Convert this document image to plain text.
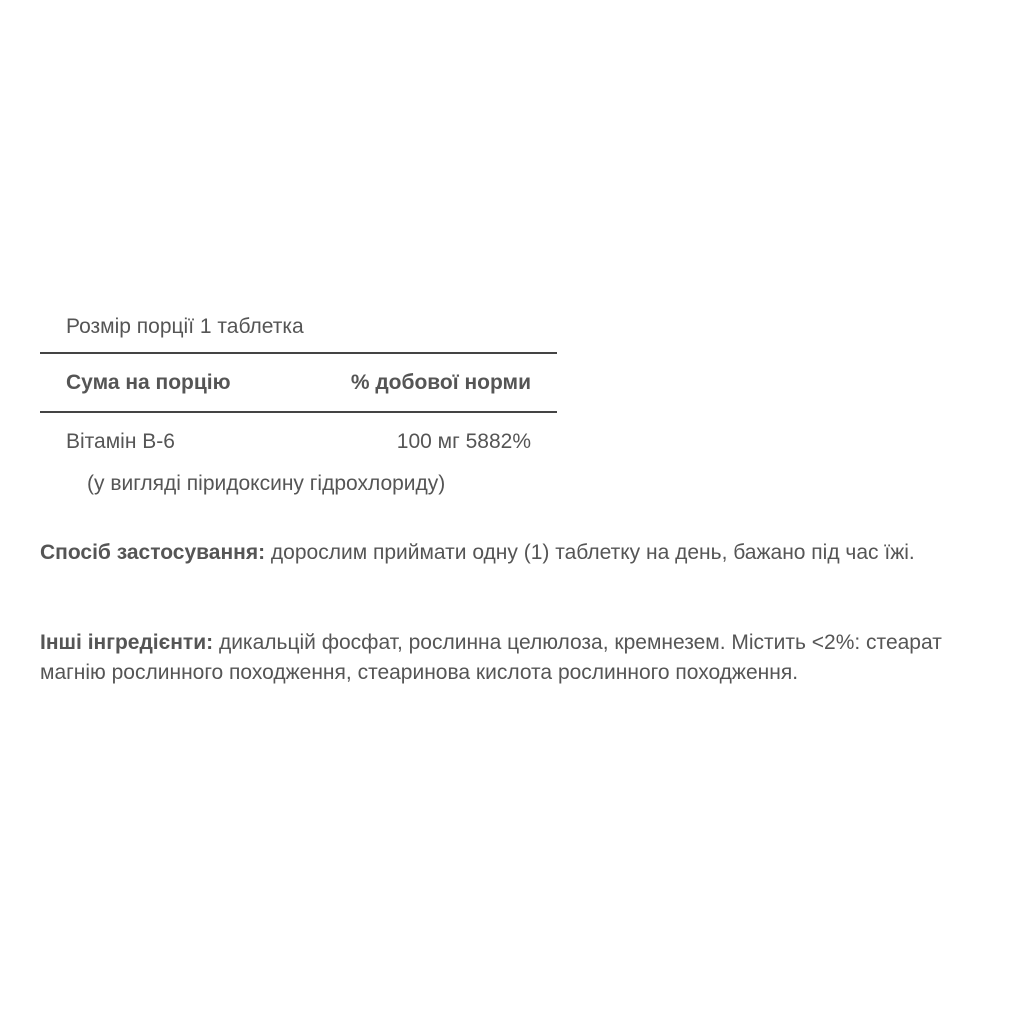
Розмір порції 1 таблетка
Сума на порцію	% добової норми
Вітамін В-6	100 мг 5882%
(у вигляді піридоксину гідрохлориду)

Спосіб застосування: дорослим приймати одну (1) таблетку на день, бажано під час їжі.

Інші інгредієнти: дикальцій фосфат, рослинна целюлоза, кремнезем. Містить <2%: стеарат магнію рослинного походження, стеаринова кислота рослинного походження.
